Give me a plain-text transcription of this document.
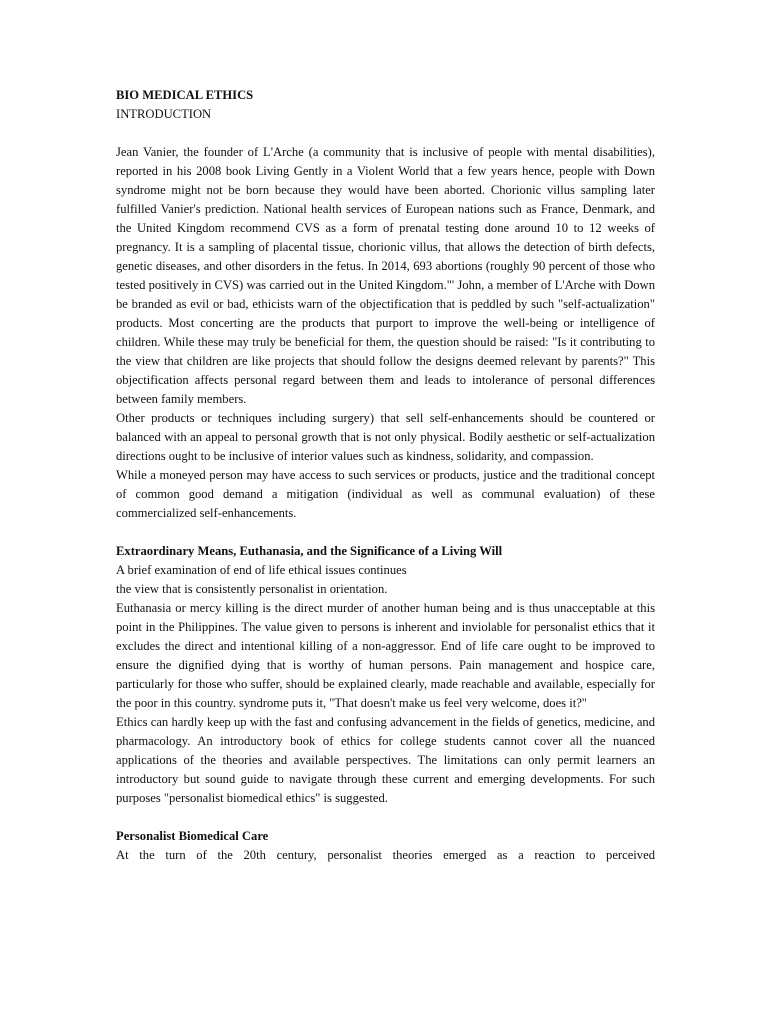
BIO MEDICAL ETHICS
INTRODUCTION

Jean Vanier, the founder of L'Arche (a community that is inclusive of people with mental disabilities), reported in his 2008 book Living Gently in a Violent World that a few years hence, people with Down syndrome might not be born because they would have been aborted. Chorionic villus sampling later fulfilled Vanier's prediction. National health services of European nations such as France, Denmark, and the United Kingdom recommend CVS as a form of prenatal testing done around 10 to 12 weeks of pregnancy. It is a sampling of placental tissue, chorionic villus, that allows the detection of birth defects, genetic diseases, and other disorders in the fetus. In 2014, 693 abortions (roughly 90 percent of those who tested positively in CVS) was carried out in the United Kingdom."' John, a member of L'Arche with Down be branded as evil or bad, ethicists warn of the objectification that is peddled by such "self-actualization" products. Most concerting are the products that purport to improve the well-being or intelligence of children. While these may truly be beneficial for them, the question should be raised: "Is it contributing to the view that children are like projects that should follow the designs deemed relevant by parents?" This objectification affects personal regard between them and leads to intolerance of personal differences between family members.

Other products or techniques including surgery) that sell self-enhancements should be countered or balanced with an appeal to personal growth that is not only physical. Bodily aesthetic or self-actualization directions ought to be inclusive of interior values such as kindness, solidarity, and compassion.

While a moneyed person may have access to such services or products, justice and the traditional concept of common good demand a mitigation (individual as well as communal evaluation) of these commercialized self-enhancements.

Extraordinary Means, Euthanasia, and the Significance of a Living Will
A brief examination of end of life ethical issues continues
the view that is consistently personalist in orientation.

Euthanasia or mercy killing is the direct murder of another human being and is thus unacceptable at this point in the Philippines. The value given to persons is inherent and inviolable for personalist ethics that it excludes the direct and intentional killing of a non-aggressor. End of life care ought to be improved to ensure the dignified dying that is worthy of human persons. Pain management and hospice care, particularly for those who suffer, should be explained clearly, made reachable and available, especially for the poor in this country. syndrome puts it, "That doesn't make us feel very welcome, does it?"

Ethics can hardly keep up with the fast and confusing advancement in the fields of genetics, medicine, and pharmacology. An introductory book of ethics for college students cannot cover all the nuanced applications of the theories and available perspectives. The limitations can only permit learners an introductory but sound guide to navigate through these current and emerging developments. For such purposes "personalist biomedical ethics" is suggested.

Personalist Biomedical Care

At the turn of the 20th century, personalist theories emerged as a reaction to perceived
